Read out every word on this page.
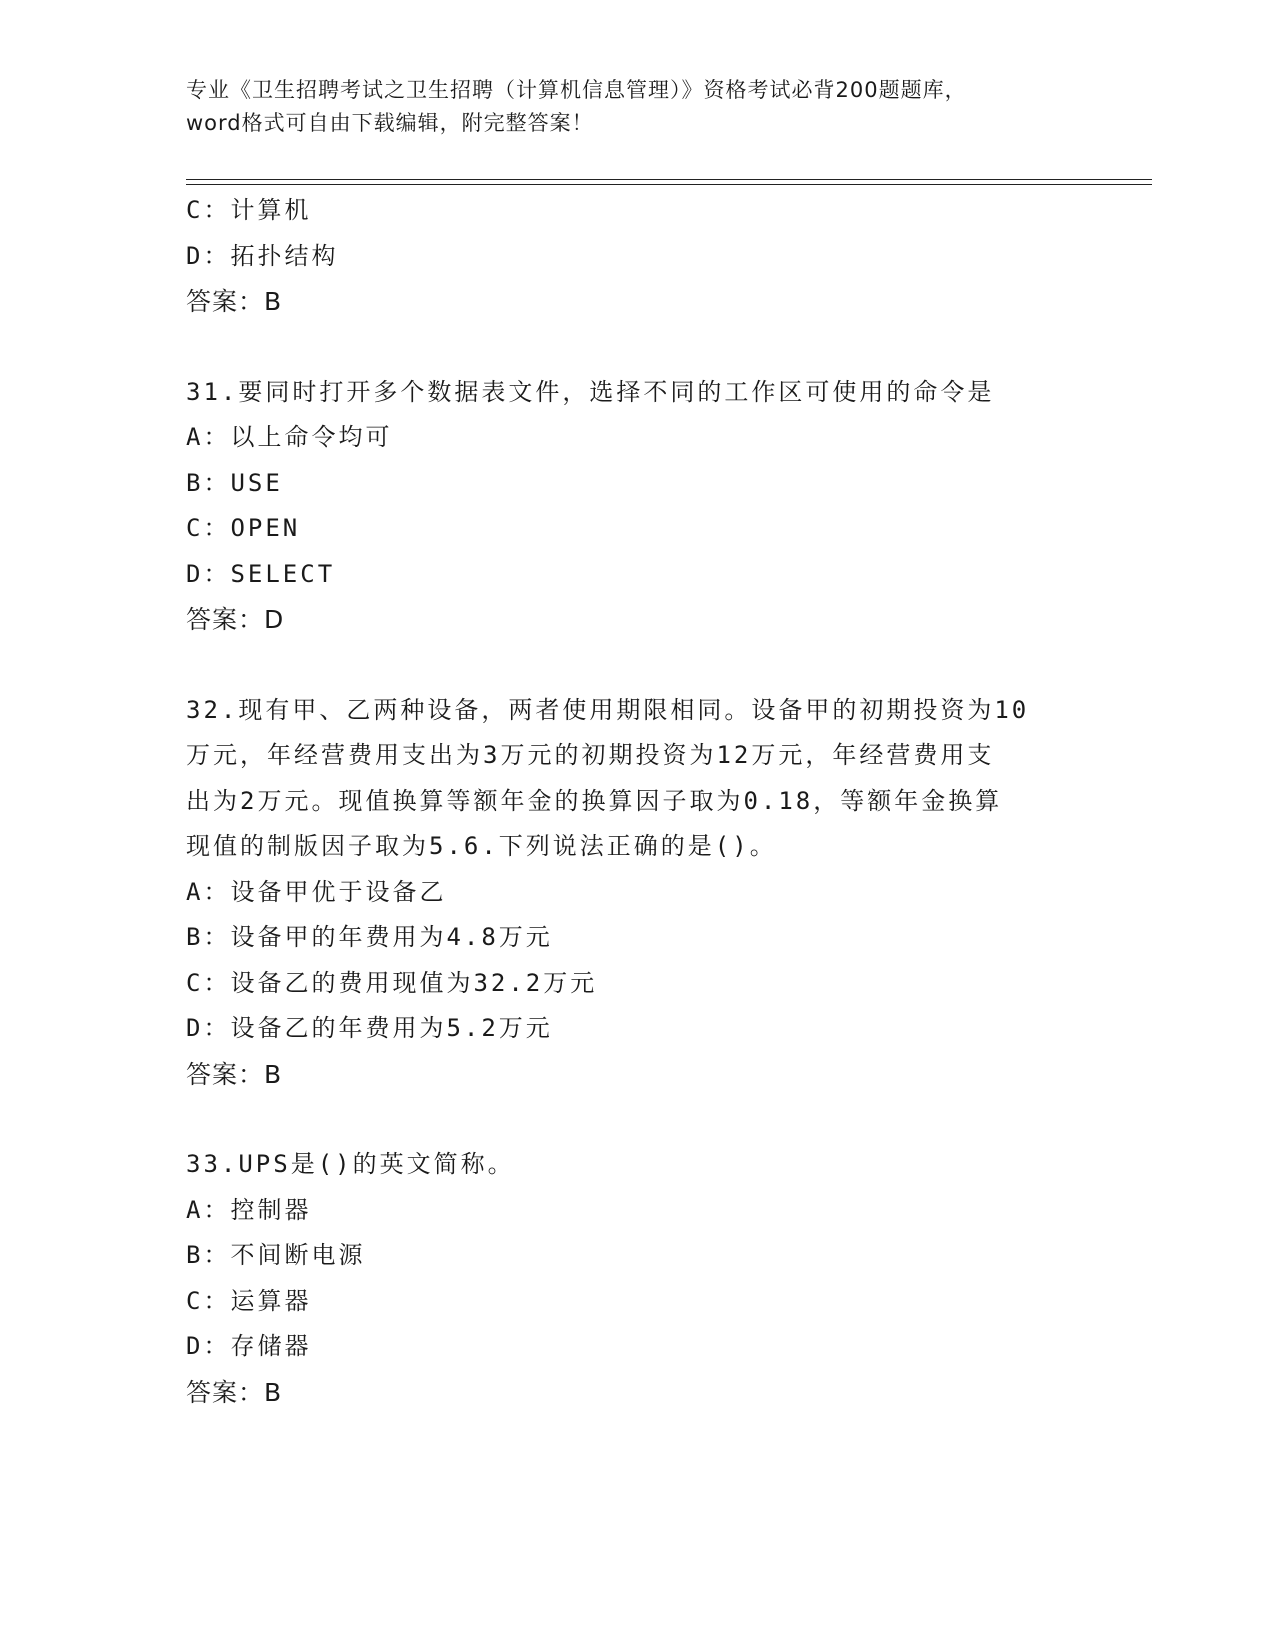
专业《卫生招聘考试之卫生招聘（计算机信息管理）》资格考试必背200题题库，
word格式可自由下载编辑，附完整答案！
C：计算机
D：拓扑结构
答案：B
31.要同时打开多个数据表文件，选择不同的工作区可使用的命令是
A：以上命令均可
B：USE
C：OPEN
D：SELECT
答案：D
32.现有甲、乙两种设备，两者使用期限相同。设备甲的初期投资为10
万元，年经营费用支出为3万元的初期投资为12万元，年经营费用支
出为2万元。现值换算等额年金的换算因子取为0.18，等额年金换算
现值的制版因子取为5.6.下列说法正确的是()。
A：设备甲优于设备乙
B：设备甲的年费用为4.8万元
C：设备乙的费用现值为32.2万元
D：设备乙的年费用为5.2万元
答案：B
33.UPS是()的英文简称。
A：控制器
B：不间断电源
C：运算器
D：存储器
答案：B
